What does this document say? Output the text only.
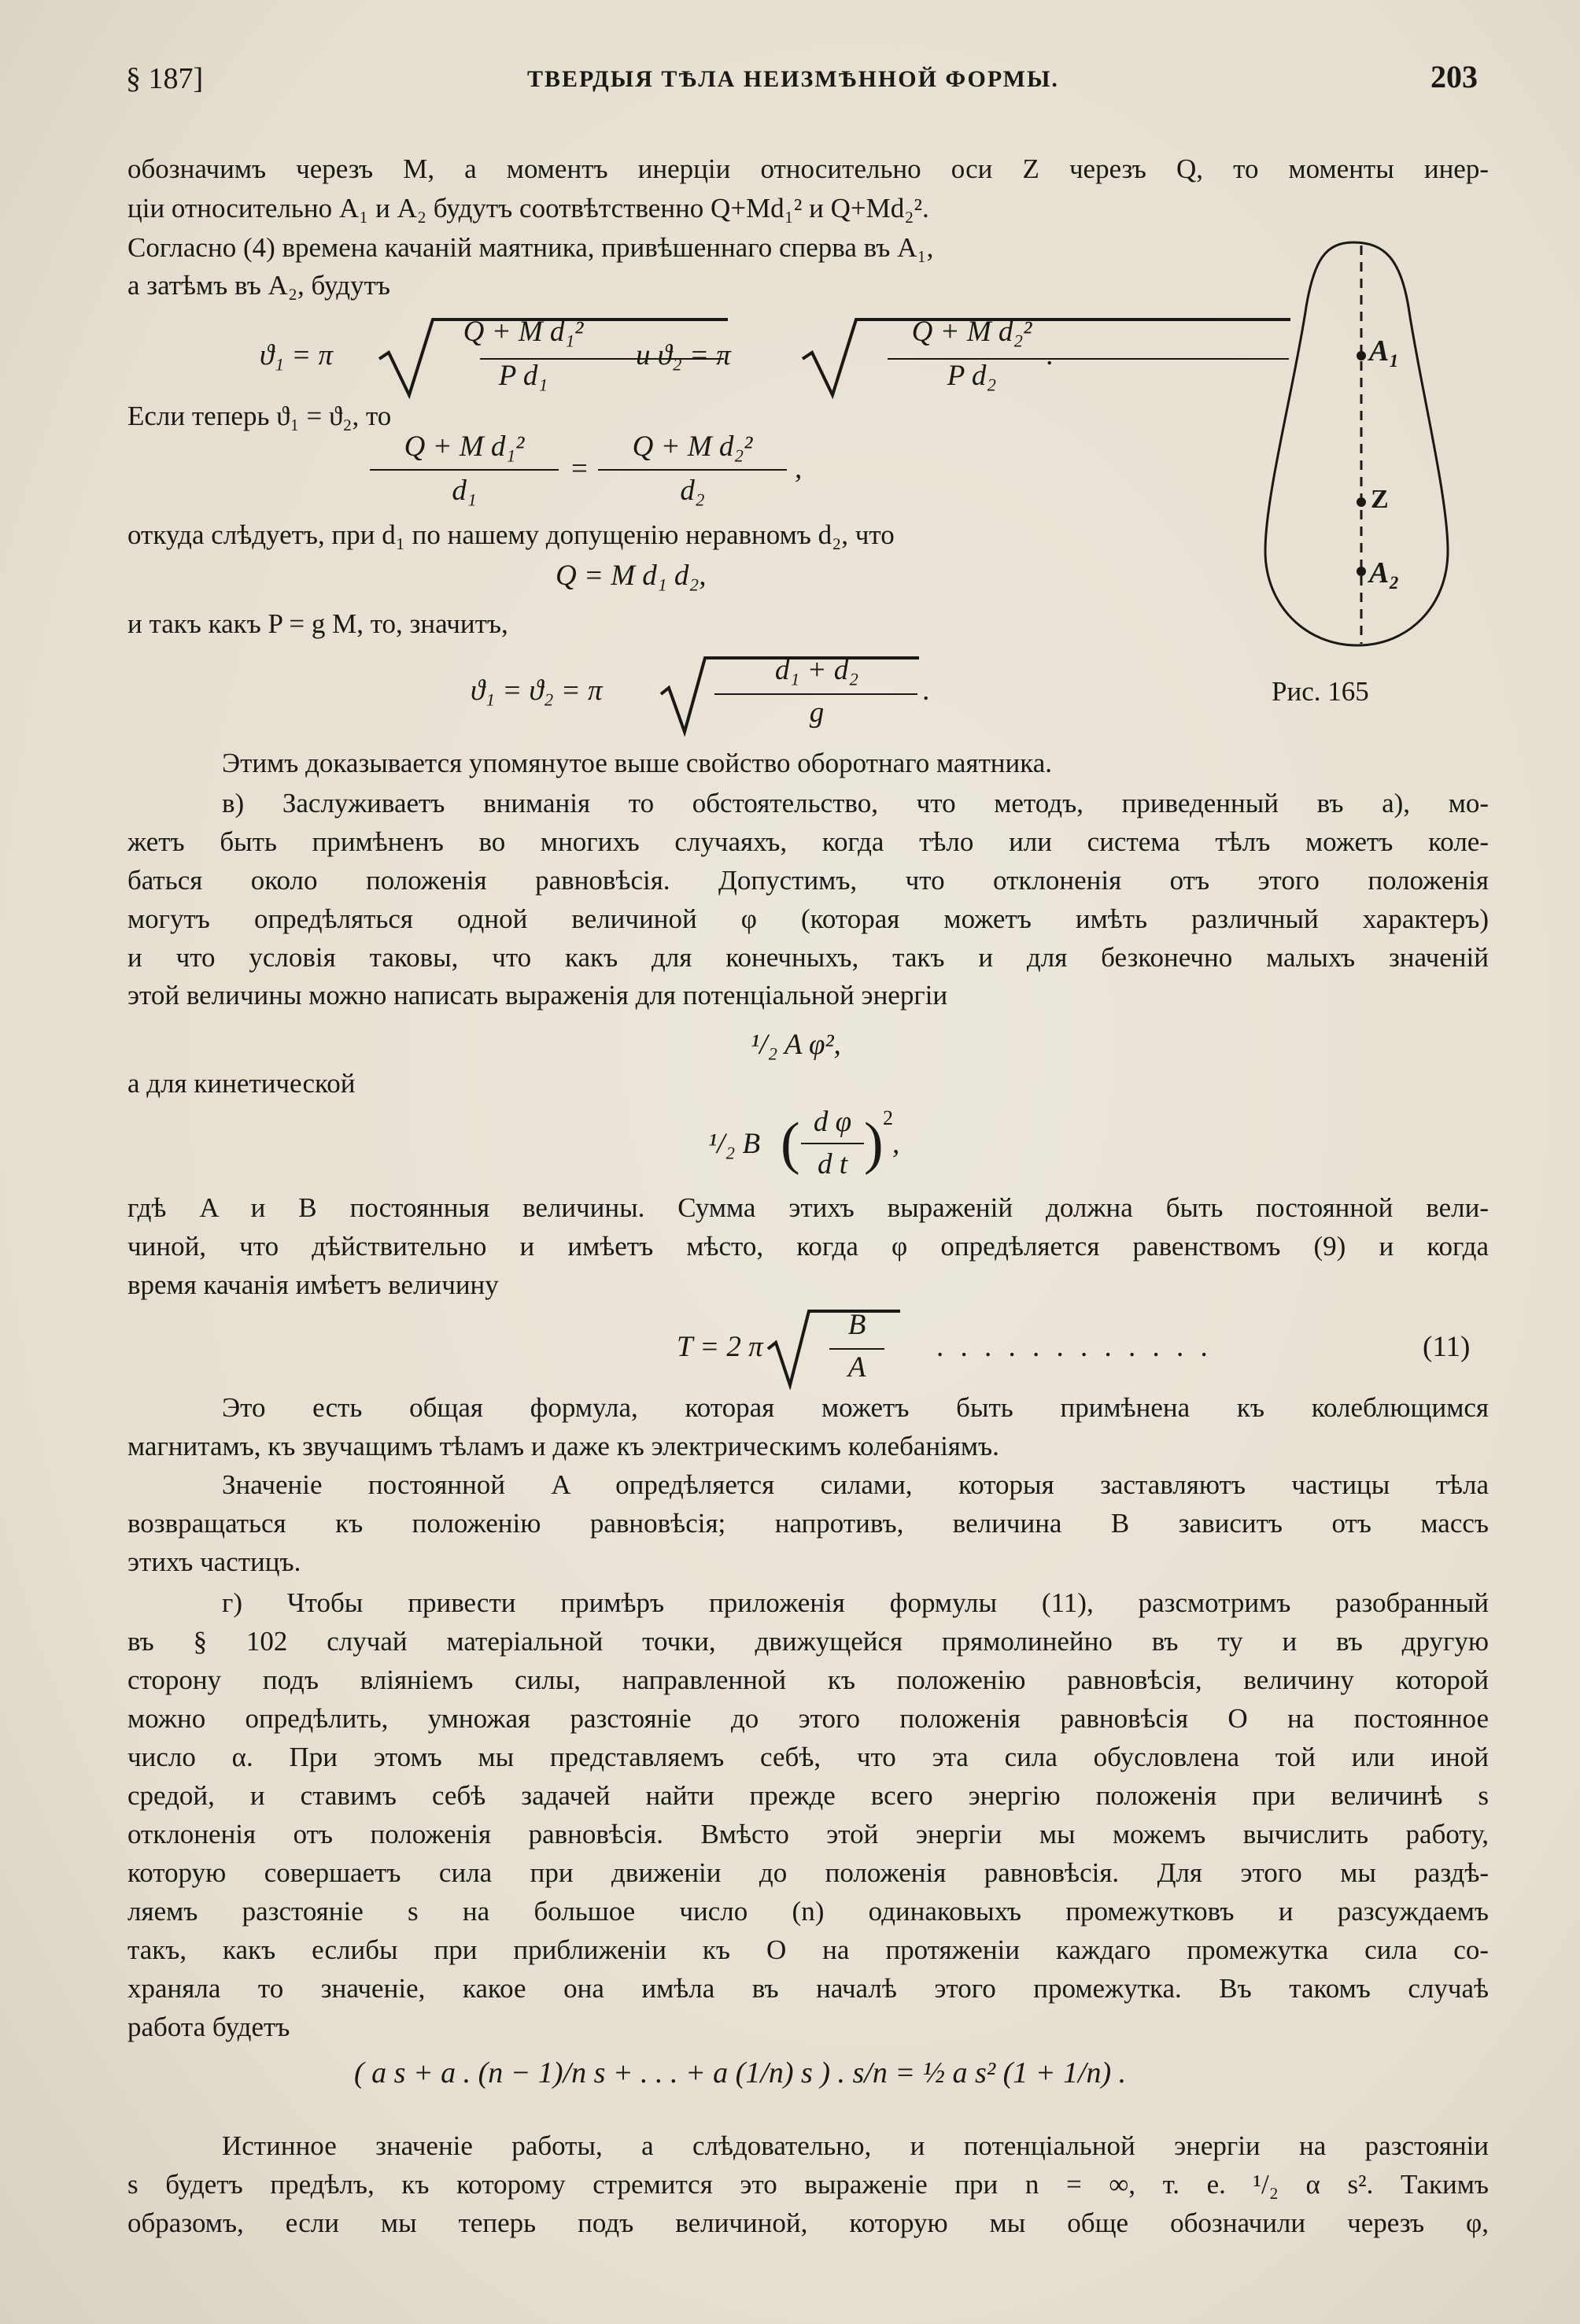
§ 187]	ТВЕРДЫЯ ТѢЛА НЕИЗМѢННОЙ ФОРМЫ.	203
обозначимъ черезъ M, а моментъ инерціи относительно оси Z черезъ Q, то моменты инер-
ціи относительно A₁ и A₂ будутъ соотвѣтственно Q+Md₁² и Q+Md₂².
Согласно (4) времена качаній маятника, привѣшеннаго сперва въ A₁,
а затѣмъ въ A₂, будутъ
ϑ₁ = π
Q + M d₁²
P d₁
и ϑ₂ = π
Q + M d₂²
P d₂
.
Если теперь ϑ₁ = ϑ₂, то
Q + M d₁²
d₁
=
Q + M d₂²
d₂
,
откуда слѣдуетъ, при d₁ по нашему допущенію неравномъ d₂, что
Q = M d₁ d₂,
и такъ какъ P = g M, то, значитъ,
ϑ₁ = ϑ₂ = π
d₁ + d₂
g
.
A₁
Z
A₂
Рис. 165
Этимъ доказывается упомянутое выше свойство оборотнаго маятника.
в) Заслуживаетъ вниманія то обстоятельство, что методъ, приведенный въ а), мо-
жетъ быть примѣненъ во многихъ случаяхъ, когда тѣло или система тѣлъ можетъ коле-
баться около положенія равновѣсія. Допустимъ, что отклоненія отъ этого положенія
могутъ опредѣляться одной величиной φ (которая можетъ имѣть различный характеръ)
и что условія таковы, что какъ для конечныхъ, такъ и для безконечно малыхъ значеній
этой величины можно написать выраженія для потенціальной энергіи
¹/₂ A φ²,
а для кинетической
¹/₂ B ( d φ
d t ) 2
,
гдѣ A и B постоянныя величины. Сумма этихъ выраженій должна быть постоянной вели-
чиной, что дѣйствительно и имѣетъ мѣсто, когда φ опредѣляется равенствомъ (9) и когда
время качанія имѣетъ величину
T = 2 π
B
A
. . . . . . . . . . . .	(11)
Это есть общая формула, которая можетъ быть примѣнена къ колеблющимся
магнитамъ, къ звучащимъ тѣламъ и даже къ электрическимъ колебаніямъ.
Значеніе постоянной A опредѣляется силами, которыя заставляютъ частицы тѣла
возвращаться къ положенію равновѣсія; напротивъ, величина B зависитъ отъ массъ
этихъ частицъ.
г) Чтобы привести примѣръ приложенія формулы (11), разсмотримъ разобранный
въ § 102 случай матеріальной точки, движущейся прямолинейно въ ту и въ другую
сторону подъ вліяніемъ силы, направленной къ положенію равновѣсія, величину которой
можно опредѣлить, умножая разстояніе до этого положенія равновѣсія O на постоянное
число α. При этомъ мы представляемъ себѣ, что эта сила обусловлена той или иной
средой, и ставимъ себѣ задачей найти прежде всего энергію положенія при величинѣ s
отклоненія отъ положенія равновѣсія. Вмѣсто этой энергіи мы можемъ вычислить работу,
которую совершаетъ сила при движеніи до положенія равновѣсія. Для этого мы раздѣ-
ляемъ разстояніе s на большое число (n) одинаковыхъ промежутковъ и разсуждаемъ
такъ, какъ еслибы при приближеніи къ O на протяженіи каждаго промежутка сила со-
храняла то значеніе, какое она имѣла въ началѣ этого промежутка. Въ такомъ случаѣ
работа будетъ
( a s + a . (n − 1)/n s + . . . + a (1/n) s ) . s/n = ½ a s² (1 + 1/n) .
Истинное значеніе работы, а слѣдовательно, и потенціальной энергіи на разстояніи
s будетъ предѣлъ, къ которому стремится это выраженіе при n = ∞, т. е. ¹/₂ α s². Такимъ
образомъ, если мы теперь подъ величиной, которую мы обще обозначили черезъ φ,
